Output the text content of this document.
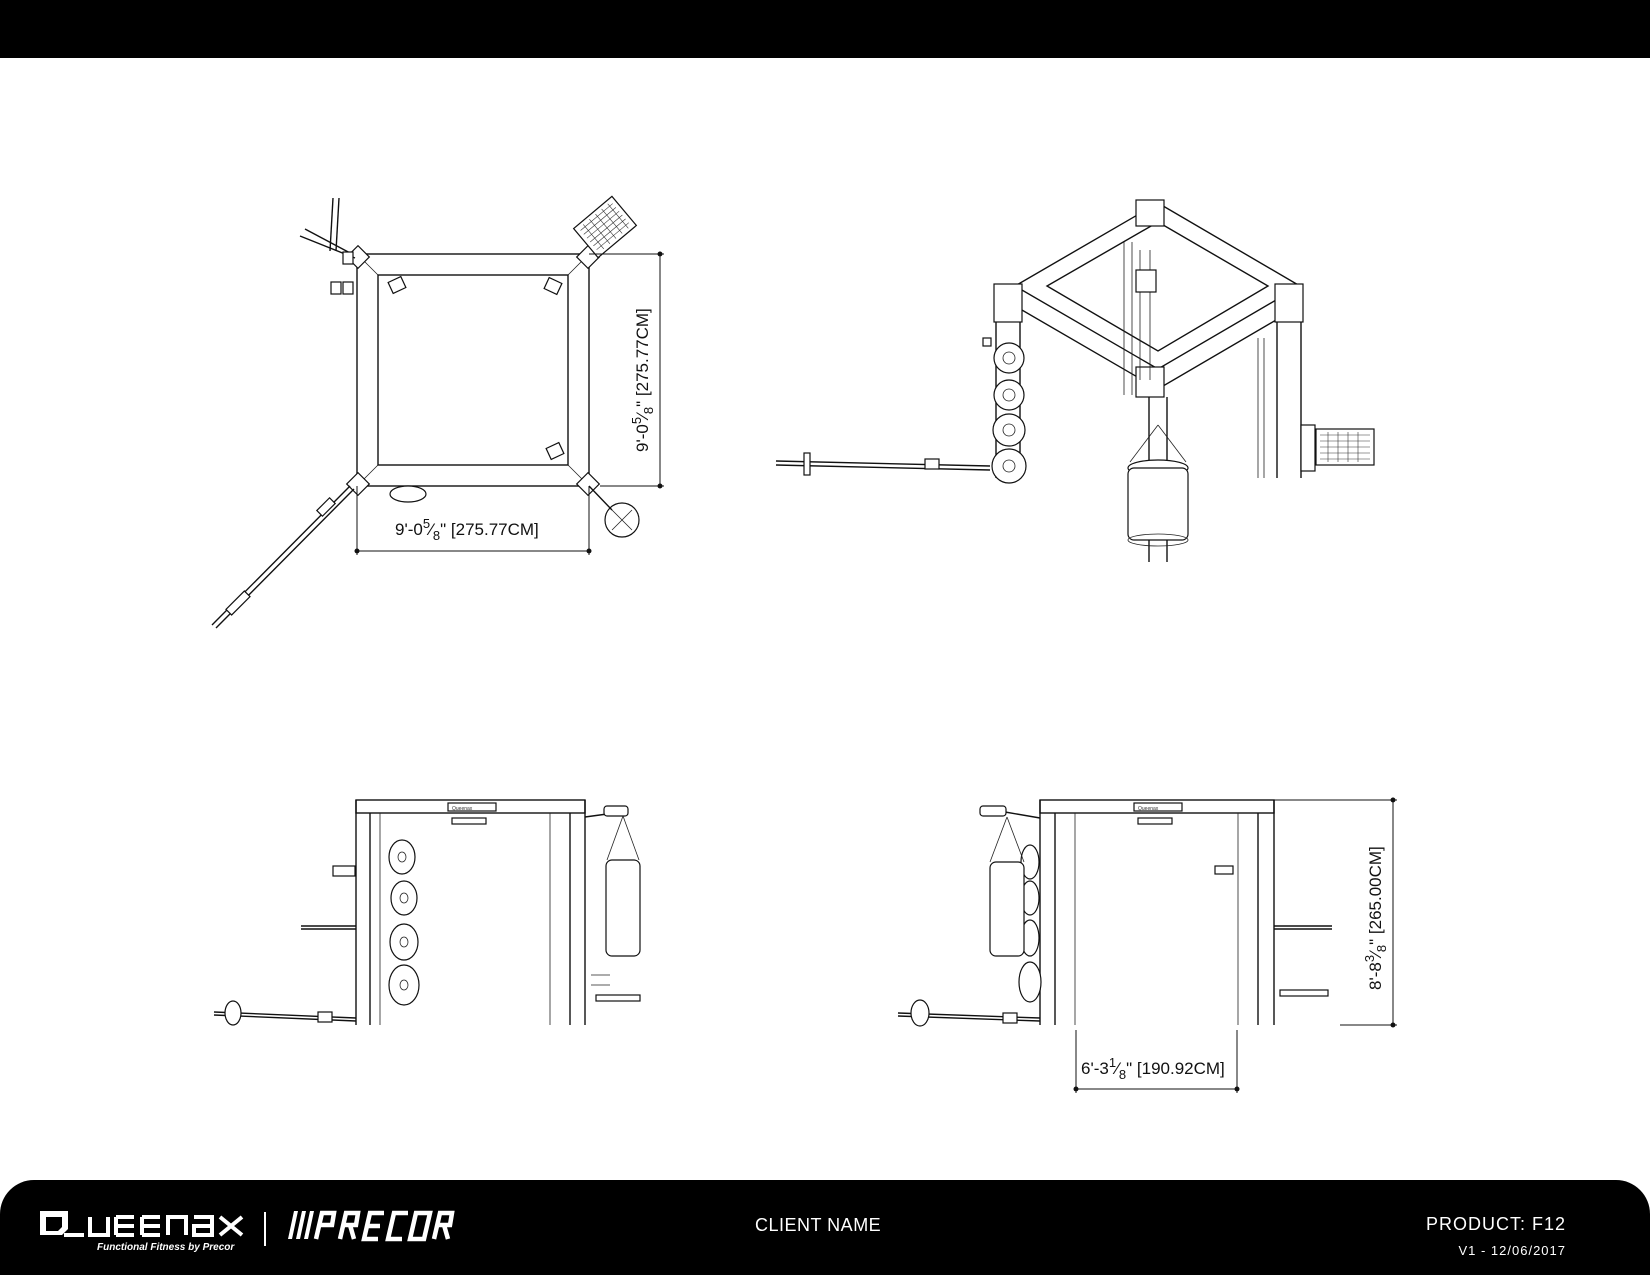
$9'-0^5⁄_8$" [275.77CM]
$9'-0^5⁄_8$" [275.77CM]
Queenax	Queenax
$6'-3^1⁄_8$" [190.92CM]
$8'-8^3⁄_8$" [265.00CM]
Functional Fitness by Precor
CLIENT NAME	PRODUCT: F12
V1 - 12/06/2017
